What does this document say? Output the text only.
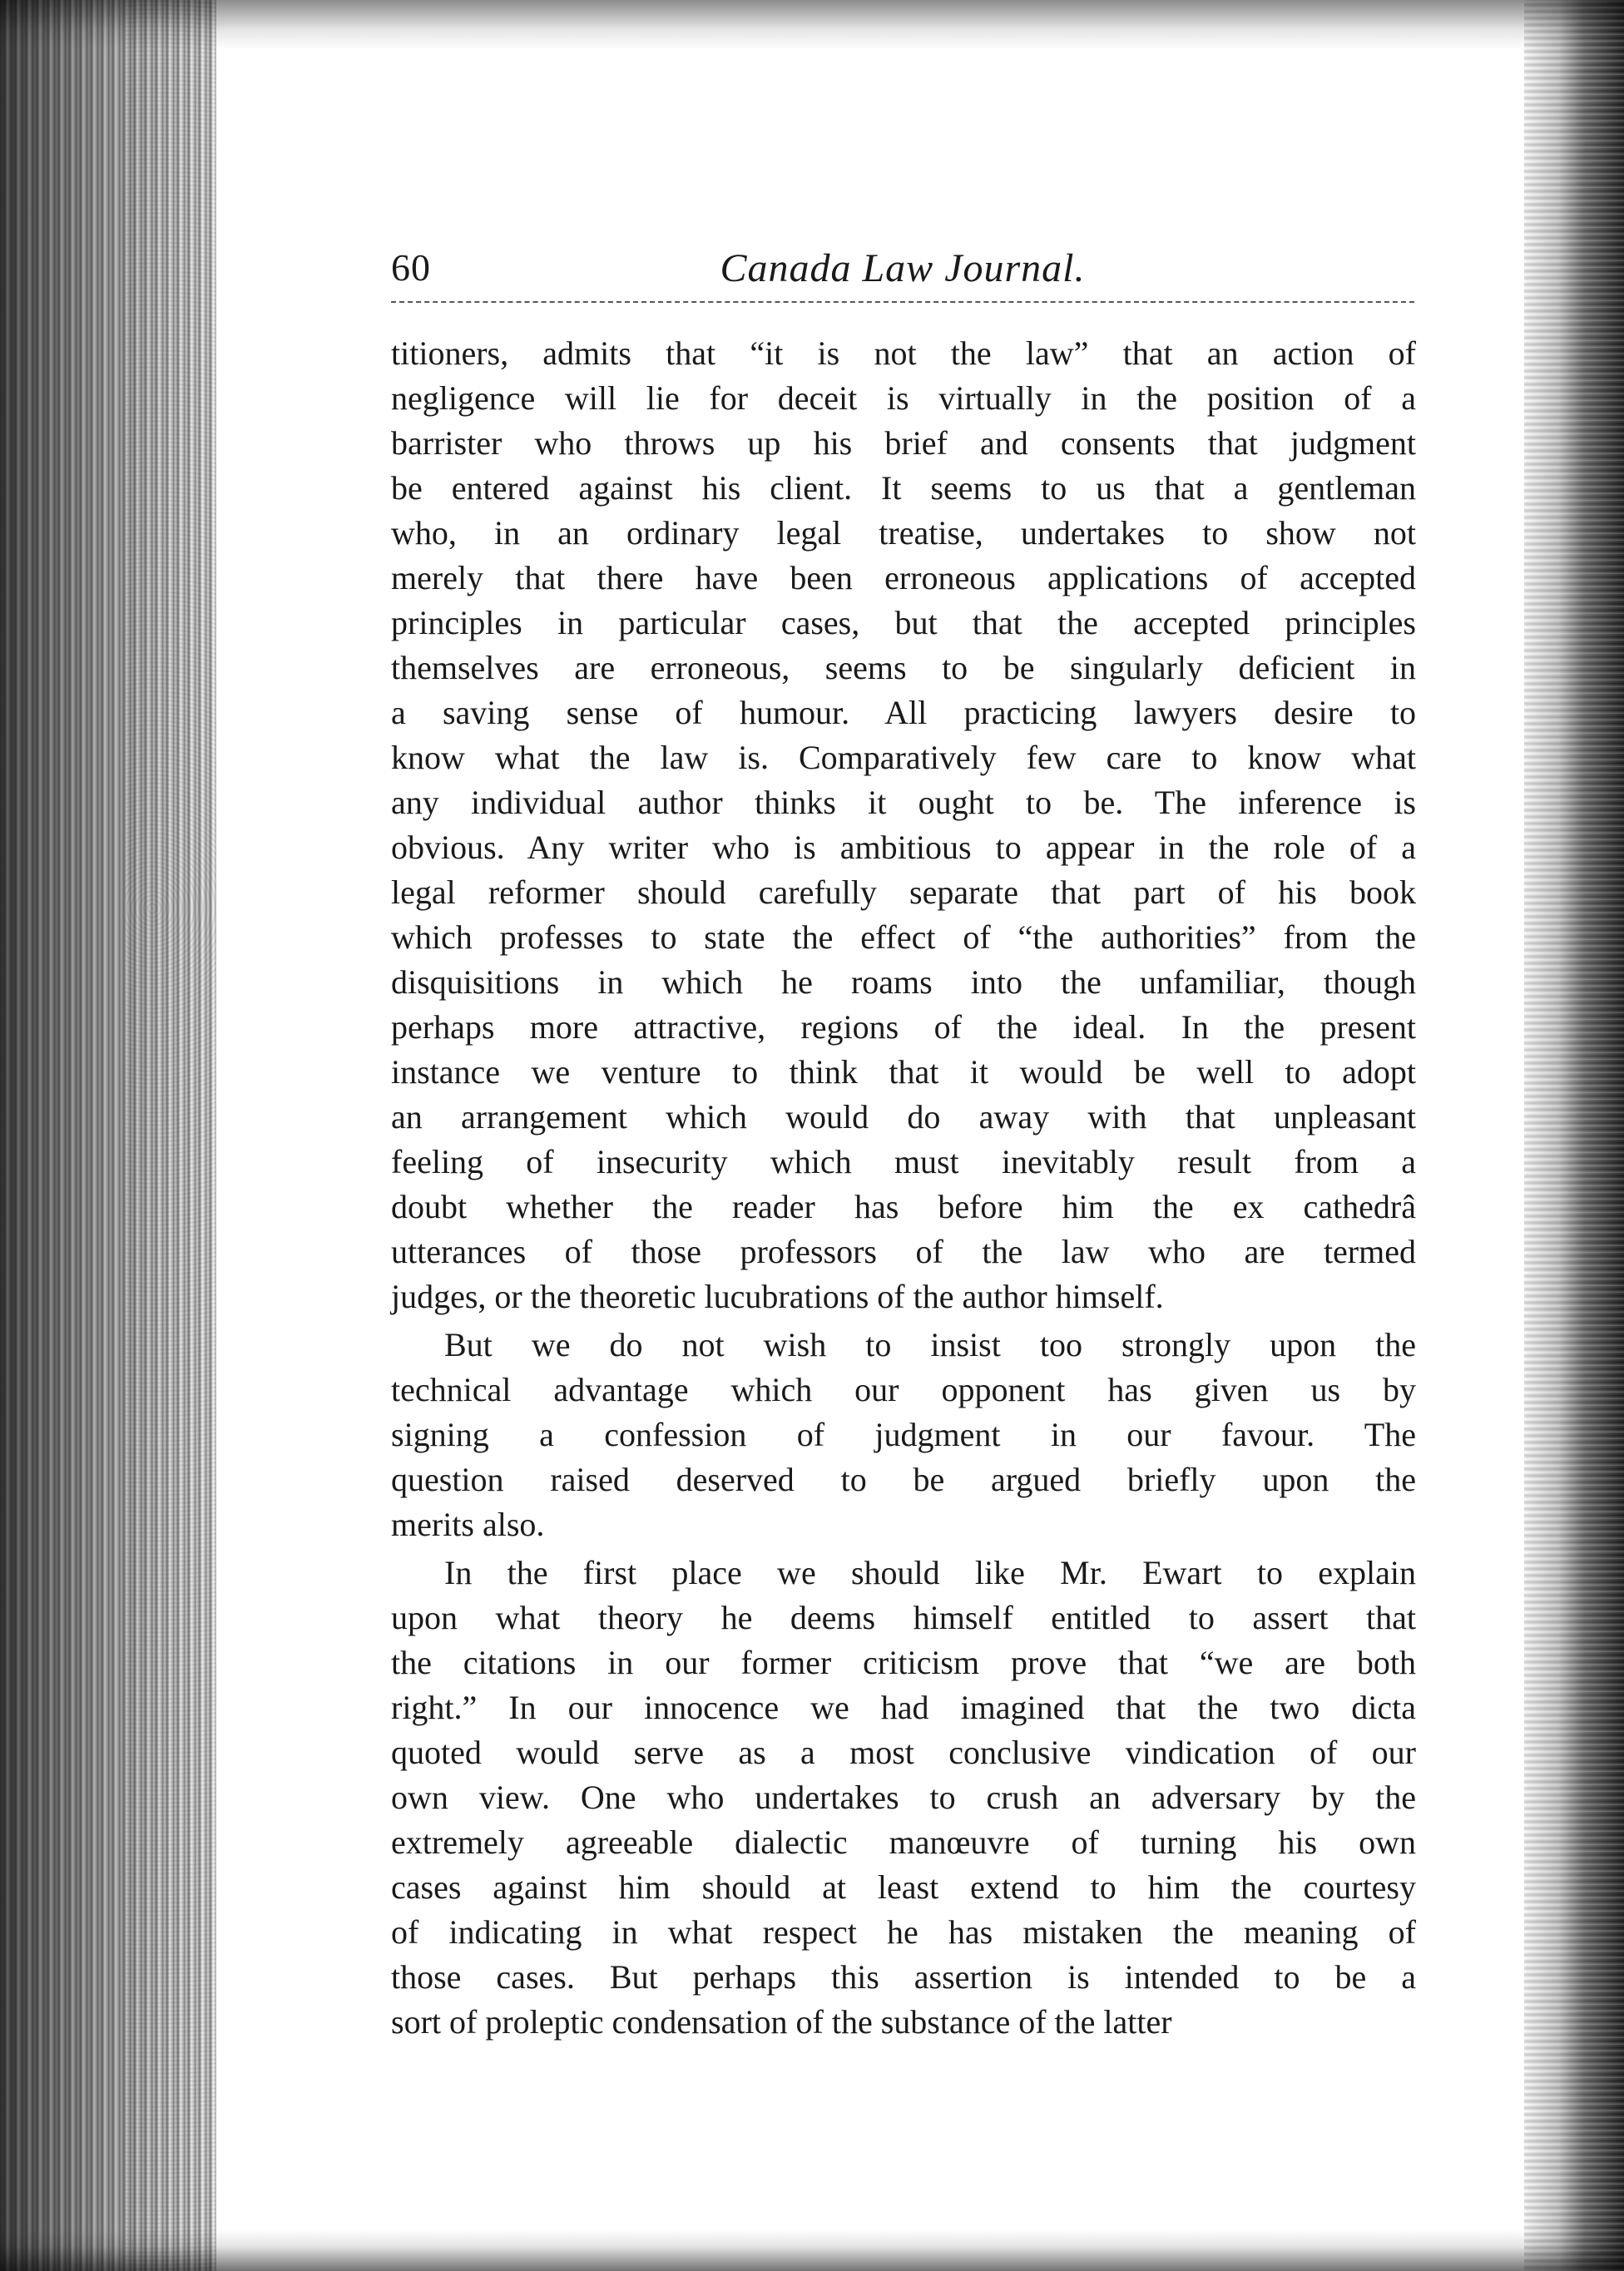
60	Canada Law Journal.
titioners, admits that “it is not the law” that an action of
negligence will lie for deceit is virtually in the position of a
barrister who throws up his brief and consents that judgment
be entered against his client. It seems to us that a gentleman
who, in an ordinary legal treatise, undertakes to show not
merely that there have been erroneous applications of accepted
principles in particular cases, but that the accepted principles
themselves are erroneous, seems to be singularly deficient in
a saving sense of humour. All practicing lawyers desire to
know what the law is. Comparatively few care to know what
any individual author thinks it ought to be. The inference is
obvious. Any writer who is ambitious to appear in the role of a
legal reformer should carefully separate that part of his book
which professes to state the effect of “the authorities” from the
disquisitions in which he roams into the unfamiliar, though
perhaps more attractive, regions of the ideal. In the present
instance we venture to think that it would be well to adopt
an arrangement which would do away with that unpleasant
feeling of insecurity which must inevitably result from a
doubt whether the reader has before him the ex cathedrâ
utterances of those professors of the law who are termed
judges, or the theoretic lucubrations of the author himself.
But we do not wish to insist too strongly upon the
technical advantage which our opponent has given us by
signing a confession of judgment in our favour. The
question raised deserved to be argued briefly upon the
merits also.
In the first place we should like Mr. Ewart to explain
upon what theory he deems himself entitled to assert that
the citations in our former criticism prove that “we are both
right.” In our innocence we had imagined that the two dicta
quoted would serve as a most conclusive vindication of our
own view. One who undertakes to crush an adversary by the
extremely agreeable dialectic manœuvre of turning his own
cases against him should at least extend to him the courtesy
of indicating in what respect he has mistaken the meaning of
those cases. But perhaps this assertion is intended to be a
sort of proleptic condensation of the substance of the latter
